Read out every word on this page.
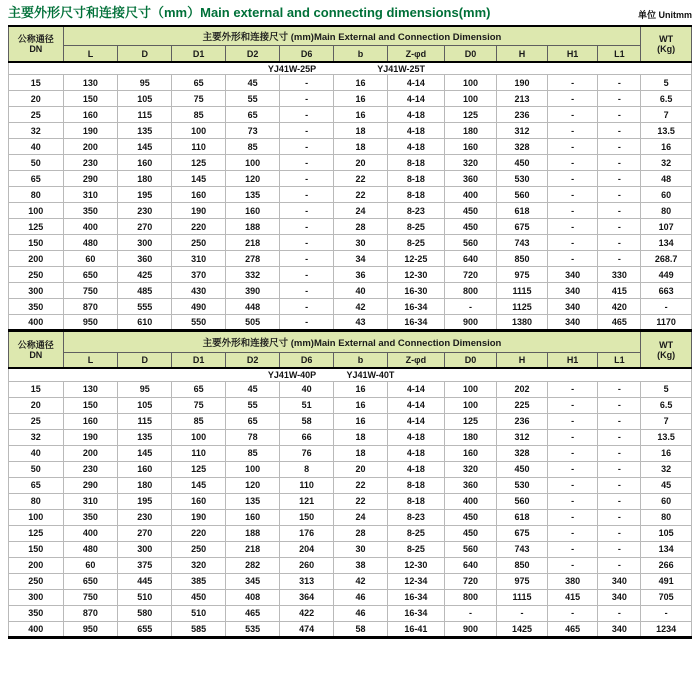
主要外形尺寸和连接尺寸（mm）Main external and connecting dimensions(mm)	单位 Unitmm
公称通径
DN
	主要外形和连接尺寸 (mm)Main External and Connection Dimension	WT
(Kg)

	L	D	D1	D2	D6	b	Z-φd	D0	H	H1	L1	

YJ41W-25P YJ41W-25T												

15	130	95	65	45	-	16	4-14	100	190	-	-	5
20	150	105	75	55	-	16	4-14	100	213	-	-	6.5
25	160	115	85	65	-	16	4-18	125	236	-	-	7
32	190	135	100	73	-	18	4-18	180	312	-	-	13.5
40	200	145	110	85	-	18	4-18	160	328	-	-	16
50	230	160	125	100	-	20	8-18	320	450	-	-	32
65	290	180	145	120	-	22	8-18	360	530	-	-	48
80	310	195	160	135	-	22	8-18	400	560	-	-	60
100	350	230	190	160	-	24	8-23	450	618	-	-	80
125	400	270	220	188	-	28	8-25	450	675	-	-	107
150	480	300	250	218	-	30	8-25	560	743	-	-	134
200	60	360	310	278	-	34	12-25	640	850	-	-	268.7
250	650	425	370	332	-	36	12-30	720	975	340	330	449
300	750	485	430	390	-	40	16-30	800	1115	340	415	663
350	870	555	490	448	-	42	16-34	-	1125	340	420	-
400	950	610	550	505	-	43	16-34	900	1380	340	465	1170
公称通径
DN
	主要外形和连接尺寸 (mm)Main External and Connection Dimension	WT
(Kg)

	L	D	D1	D2	D6	b	Z-φd	D0	H	H1	L1	

YJ41W-40P YJ41W-40T												

15	130	95	65	45	40	16	4-14	100	202	-	-	5
20	150	105	75	55	51	16	4-14	100	225	-	-	6.5
25	160	115	85	65	58	16	4-14	125	236	-	-	7
32	190	135	100	78	66	18	4-18	180	312	-	-	13.5
40	200	145	110	85	76	18	4-18	160	328	-	-	16
50	230	160	125	100	8	20	4-18	320	450	-	-	32
65	290	180	145	120	110	22	8-18	360	530	-	-	45
80	310	195	160	135	121	22	8-18	400	560	-	-	60
100	350	230	190	160	150	24	8-23	450	618	-	-	80
125	400	270	220	188	176	28	8-25	450	675	-	-	105
150	480	300	250	218	204	30	8-25	560	743	-	-	134
200	60	375	320	282	260	38	12-30	640	850	-	-	266
250	650	445	385	345	313	42	12-34	720	975	380	340	491
300	750	510	450	408	364	46	16-34	800	1115	415	340	705
350	870	580	510	465	422	46	16-34	-	-	-	-	-
400	950	655	585	535	474	58	16-41	900	1425	465	340	1234
